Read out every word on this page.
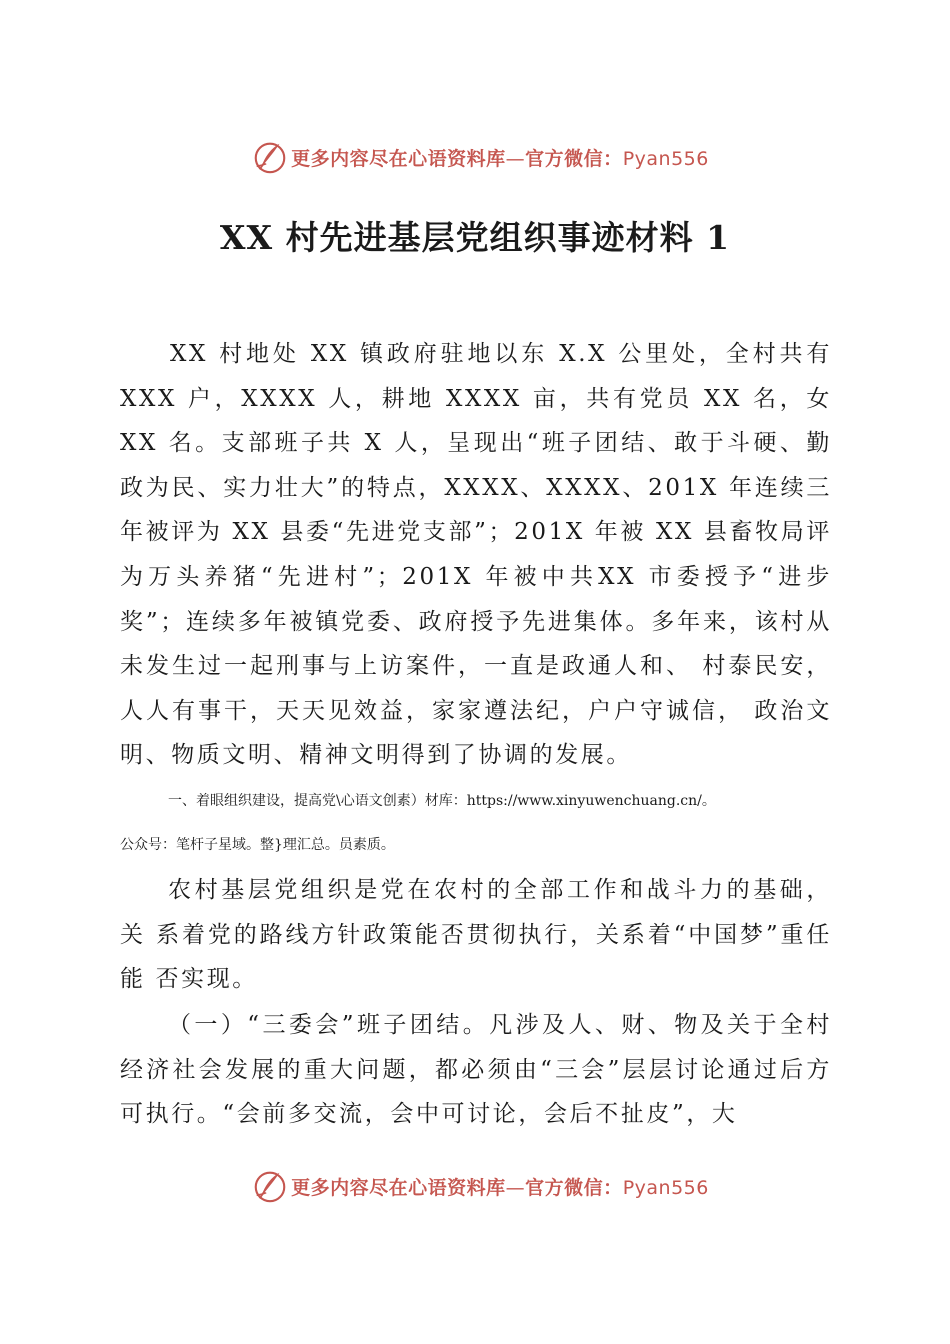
更多内容尽在心语资料库—官方微信：Pyan556
XX 村先进基层党组织事迹材料 1

XX 村地处 XX 镇政府驻地以东 X.X 公里处，全村共有 XXX 户，XXXX 人，耕地 XXXX 亩，共有党员 XX 名，女 XX 名。支部班子共 X 人，呈现出“班子团结、敢于斗硬、勤政为民、实力壮大”的特点，XXXX、XXXX、201X 年连续三年被评为 XX 县委“先进党支部”；201X 年被 XX 县畜牧局评为万头养猪“先进村”；201X 年被中共XX 市委授予“进步奖”；连续多年被镇党委、政府授予先进集体。多年来，该村从未发生过一起刑事与上访案件，一直是政通人和、 村泰民安，人人有事干，天天见效益，家家遵法纪，户户守诚信， 政治文明、物质文明、精神文明得到了协调的发展。

一、着眼组织建设，提高党\心语文创素）材库：https://www.xinyuwenchuang.cn/。

公众号：笔杆子星域。整}理汇总。员素质。

农村基层党组织是党在农村的全部工作和战斗力的基础，关 系着党的路线方针政策能否贯彻执行，关系着“中国梦”重任能 否实现。

（一）“三委会”班子团结。凡涉及人、财、物及关于全村经济社会发展的重大问题，都必须由“三会”层层讨论通过后方可执行。“会前多交流，会中可讨论，会后不扯皮”，大

更多内容尽在心语资料库—官方微信：Pyan556
